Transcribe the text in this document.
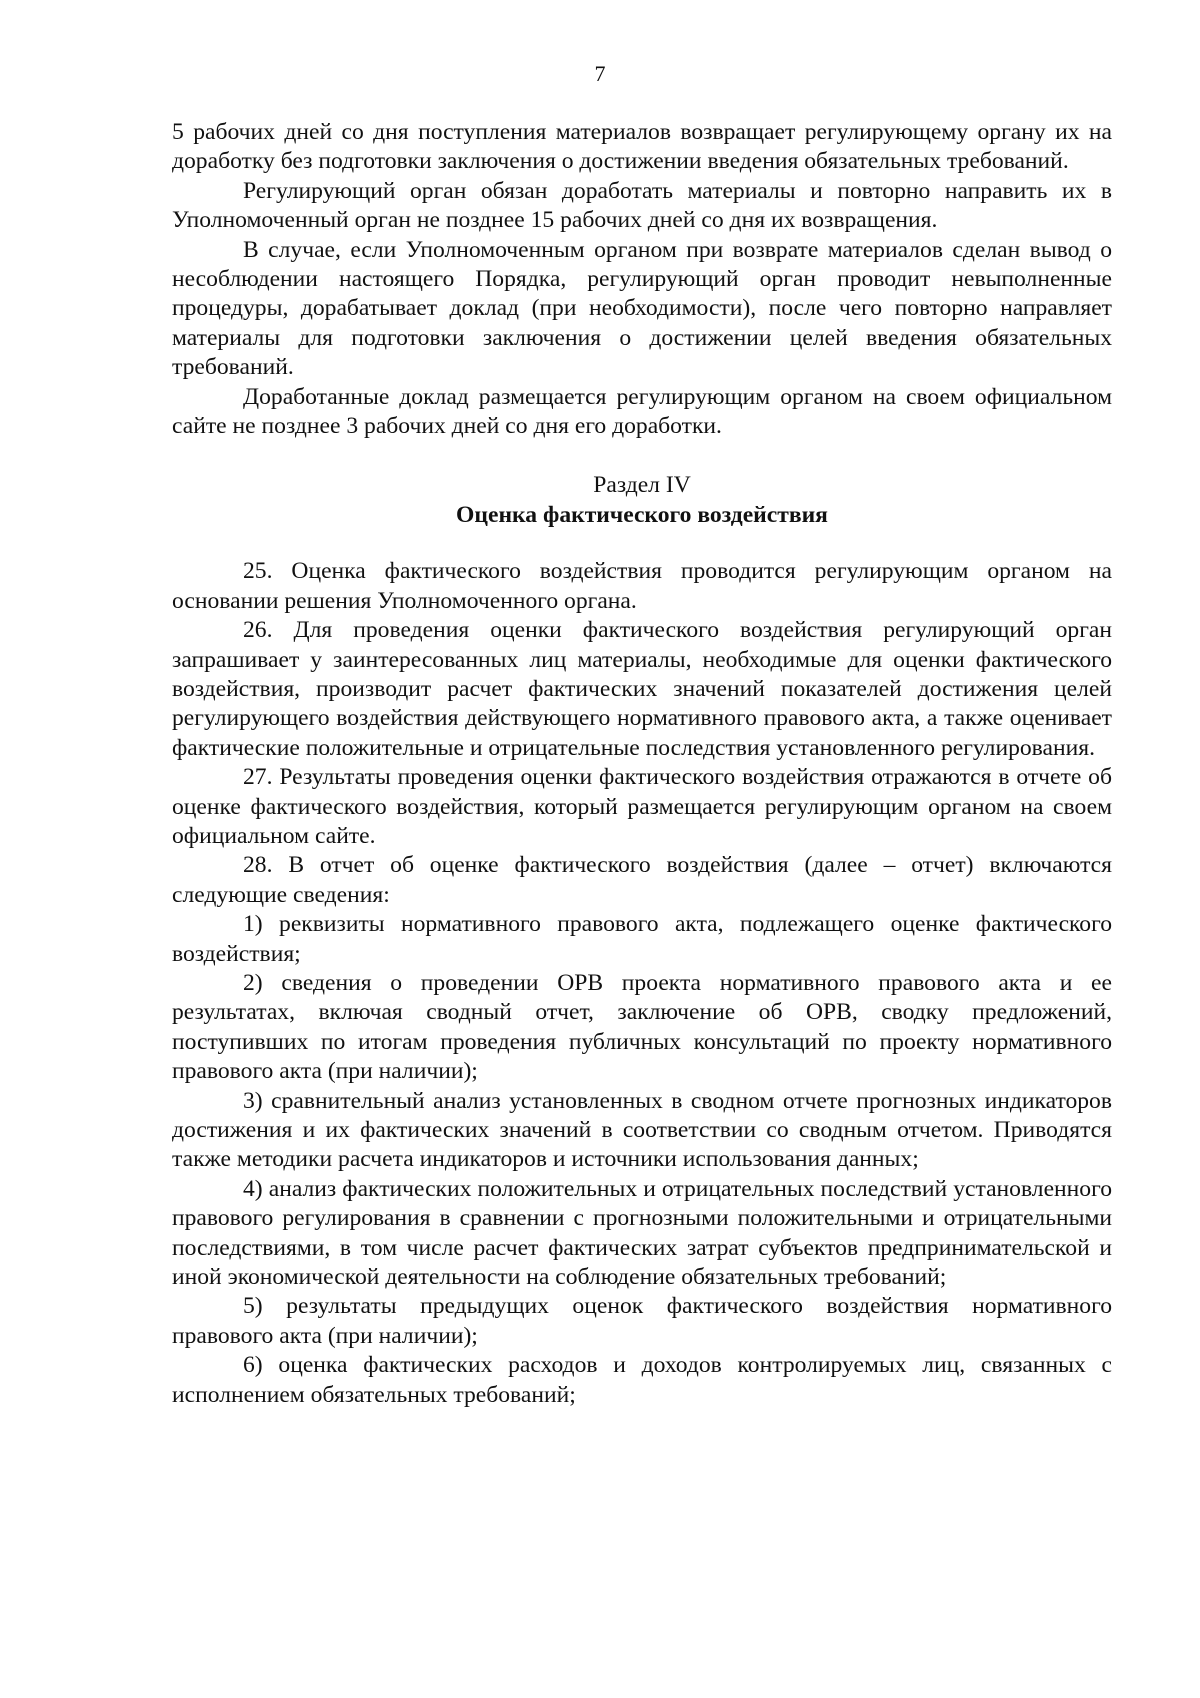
7

5 рабочих дней со дня поступления материалов возвращает регулирующему органу их на доработку без подготовки заключения о достижении введения обязательных требований.

Регулирующий орган обязан доработать материалы и повторно направить их в Уполномоченный орган не позднее 15 рабочих дней со дня их возвращения.

В случае, если Уполномоченным органом при возврате материалов сделан вывод о несоблюдении настоящего Порядка, регулирующий орган проводит невыполненные процедуры, дорабатывает доклад (при необходимости), после чего повторно направляет материалы для подготовки заключения о достижении целей введения обязательных требований.

Доработанные доклад размещается регулирующим органом на своем официальном сайте не позднее 3 рабочих дней со дня его доработки.

Раздел IV

Оценка фактического воздействия

25. Оценка фактического воздействия проводится регулирующим органом на основании решения Уполномоченного органа.

26. Для проведения оценки фактического воздействия регулирующий орган запрашивает у заинтересованных лиц материалы, необходимые для оценки фактического воздействия, производит расчет фактических значений показателей достижения целей регулирующего воздействия действующего нормативного правового акта, а также оценивает фактические положительные и отрицательные последствия установленного регулирования.

27. Результаты проведения оценки фактического воздействия отражаются в отчете об оценке фактического воздействия, который размещается регулирующим органом на своем официальном сайте.

28. В отчет об оценке фактического воздействия (далее – отчет) включаются следующие сведения:

1) реквизиты нормативного правового акта, подлежащего оценке фактического воздействия;

2) сведения о проведении ОРВ проекта нормативного правового акта и ее результатах, включая сводный отчет, заключение об ОРВ, сводку предложений, поступивших по итогам проведения публичных консультаций по проекту нормативного правового акта (при наличии);

3) сравнительный анализ установленных в сводном отчете прогнозных индикаторов достижения и их фактических значений в соответствии со сводным отчетом. Приводятся также методики расчета индикаторов и источники использования данных;

4) анализ фактических положительных и отрицательных последствий установленного правового регулирования в сравнении с прогнозными положительными и отрицательными последствиями, в том числе расчет фактических затрат субъектов предпринимательской и иной экономической деятельности на соблюдение обязательных требований;

5) результаты предыдущих оценок фактического воздействия нормативного правового акта (при наличии);

6) оценка фактических расходов и доходов контролируемых лиц, связанных с исполнением обязательных требований;
